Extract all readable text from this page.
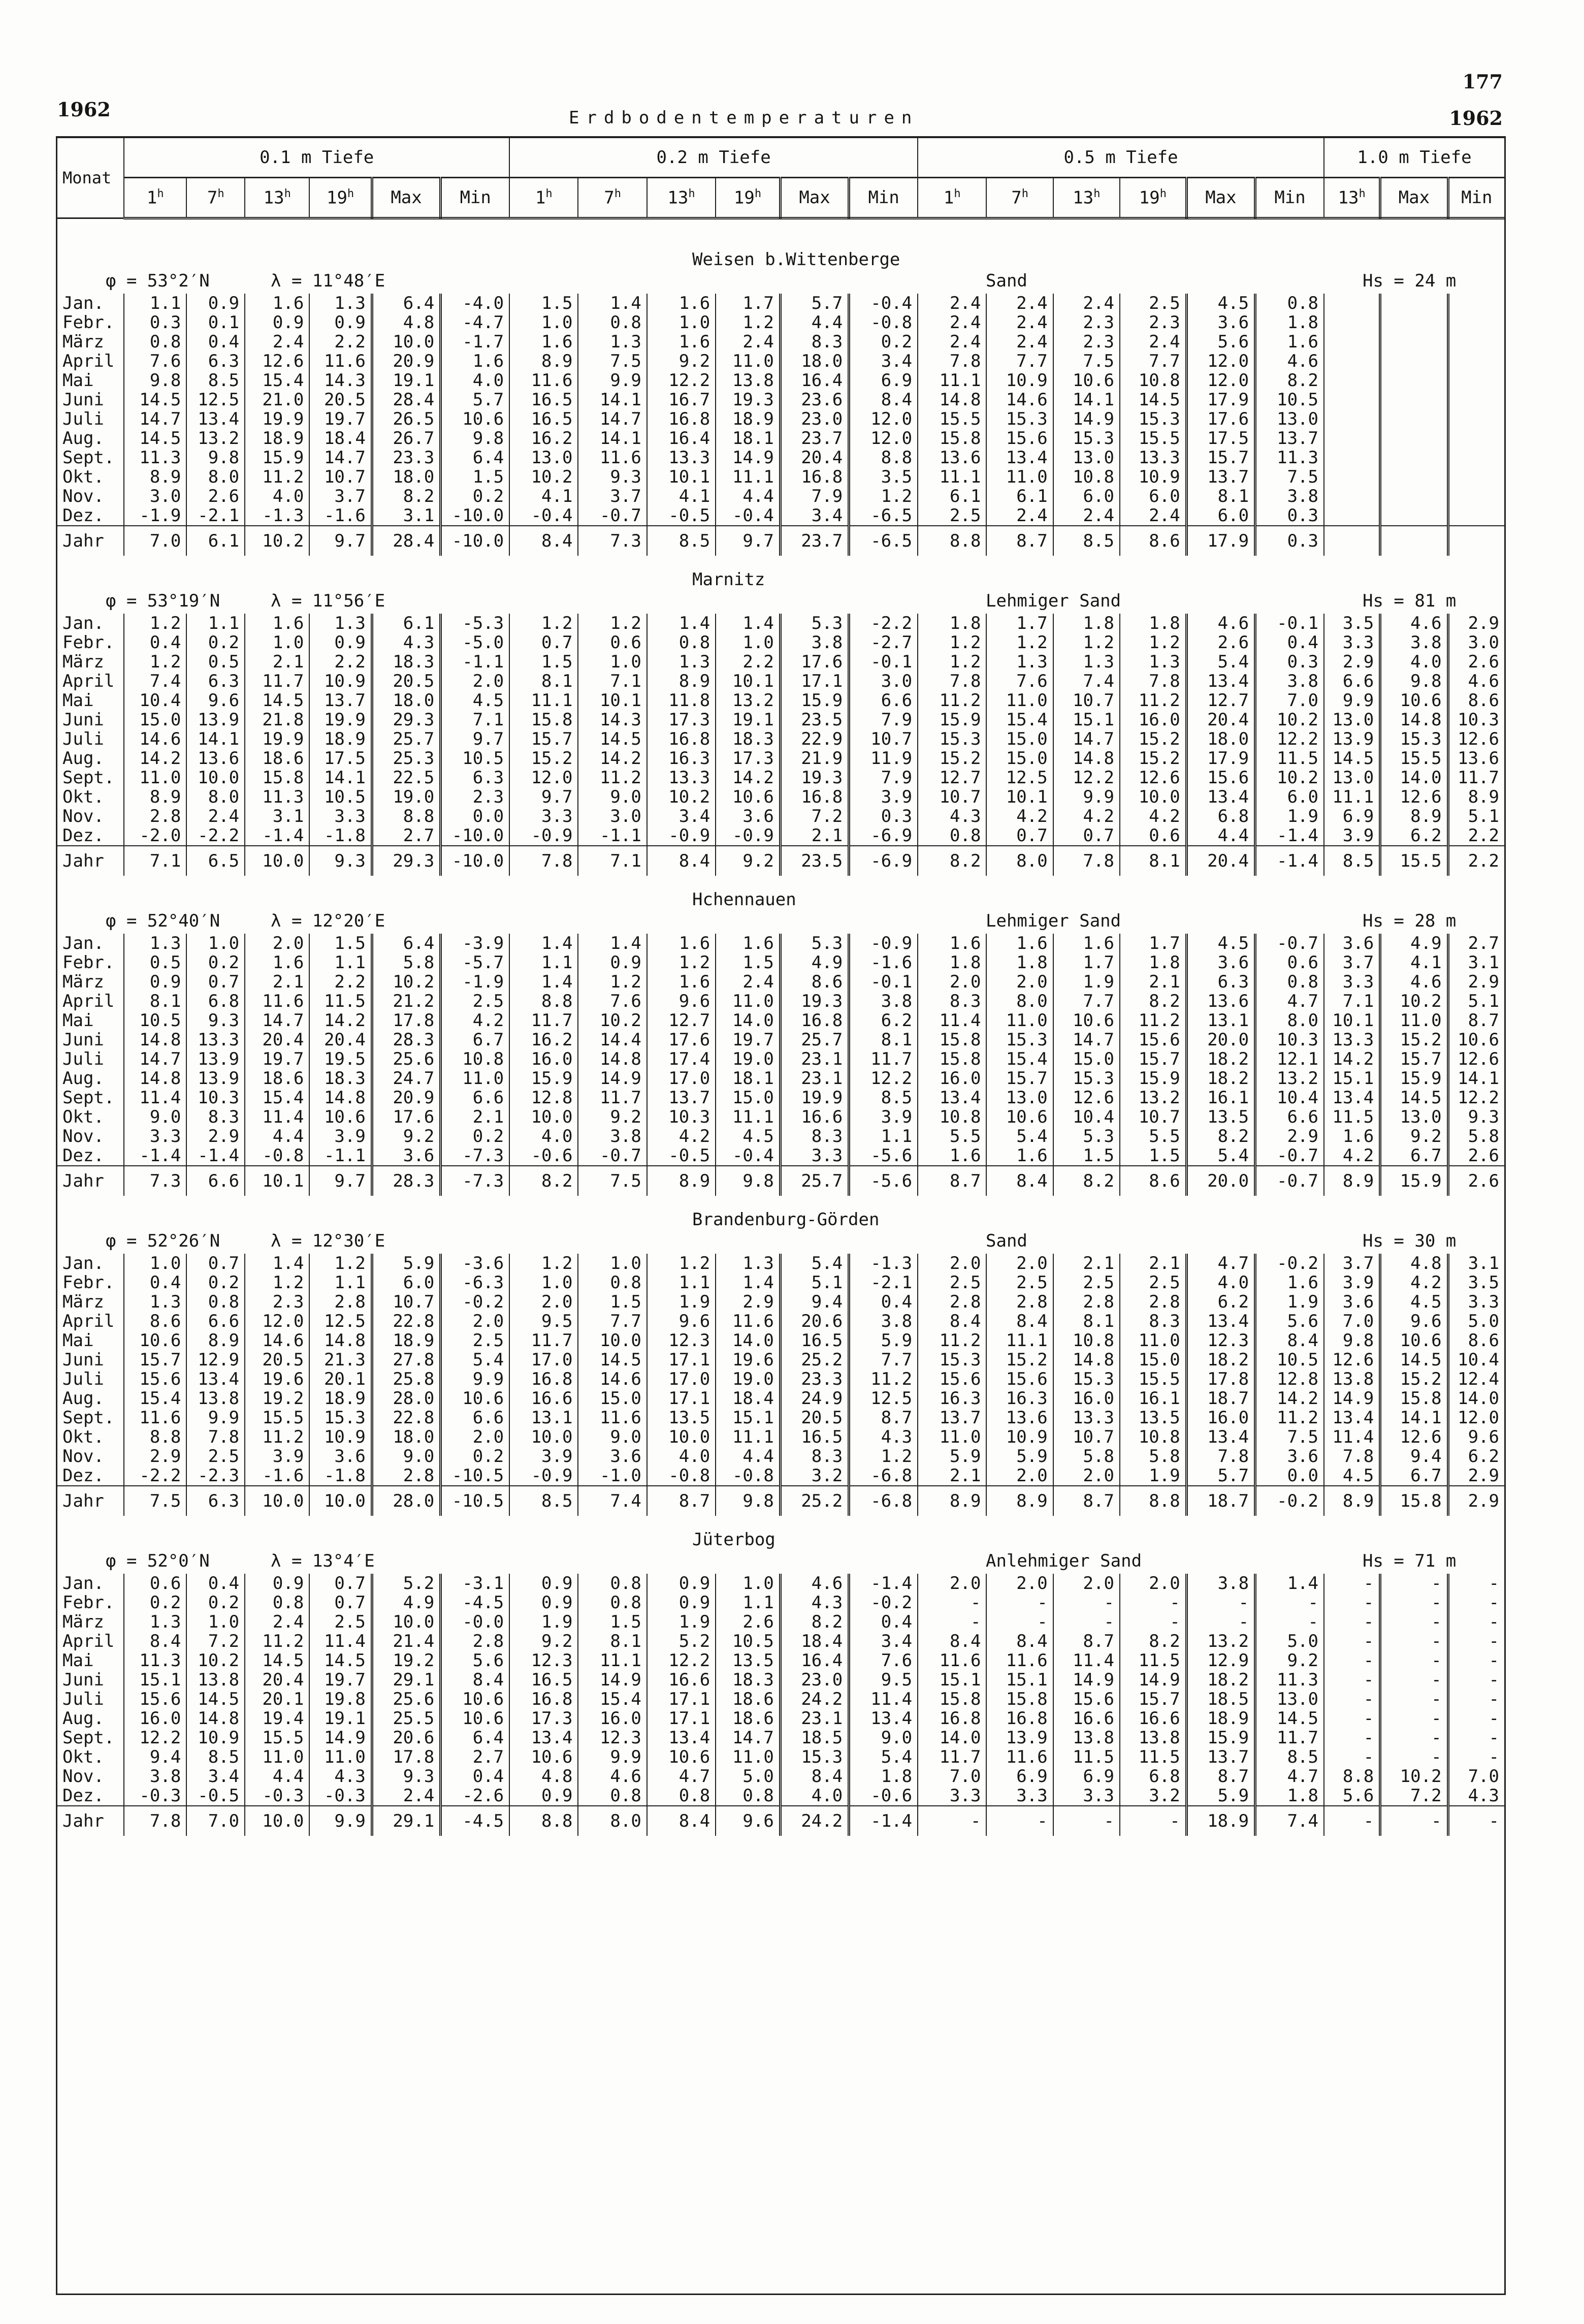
177
1962	1962
Erdbodentemperaturen
Monat	0.1 m Tiefe						0.2 m Tiefe						0.5 m Tiefe						1.0 m Tiefe		
	1$^h$	7$^h$	13$^h$	19$^h$	Max	Min	1$^h$	7$^h$	13$^h$	19$^h$	Max	Min	1$^h$	7$^h$	13$^h$	19$^h$	Max	Min	13$^h$	Max	Min

φ = 53°2′N λ = 11°48′E
Weisen b.Wittenberge
Sand Hs = 24 m																					

Jan.	1.1	0.9	1.6	1.3	6.4	-4.0	1.5	1.4	1.6	1.7	5.7	-0.4	2.4	2.4	2.4	2.5	4.5	0.8			
Febr.	0.3	0.1	0.9	0.9	4.8	-4.7	1.0	0.8	1.0	1.2	4.4	-0.8	2.4	2.4	2.3	2.3	3.6	1.8			
März	0.8	0.4	2.4	2.2	10.0	-1.7	1.6	1.3	1.6	2.4	8.3	0.2	2.4	2.4	2.3	2.4	5.6	1.6			
April	7.6	6.3	12.6	11.6	20.9	1.6	8.9	7.5	9.2	11.0	18.0	3.4	7.8	7.7	7.5	7.7	12.0	4.6			
Mai	9.8	8.5	15.4	14.3	19.1	4.0	11.6	9.9	12.2	13.8	16.4	6.9	11.1	10.9	10.6	10.8	12.0	8.2			
Juni	14.5	12.5	21.0	20.5	28.4	5.7	16.5	14.1	16.7	19.3	23.6	8.4	14.8	14.6	14.1	14.5	17.9	10.5			
Juli	14.7	13.4	19.9	19.7	26.5	10.6	16.5	14.7	16.8	18.9	23.0	12.0	15.5	15.3	14.9	15.3	17.6	13.0			
Aug.	14.5	13.2	18.9	18.4	26.7	9.8	16.2	14.1	16.4	18.1	23.7	12.0	15.8	15.6	15.3	15.5	17.5	13.7			
Sept.	11.3	9.8	15.9	14.7	23.3	6.4	13.0	11.6	13.3	14.9	20.4	8.8	13.6	13.4	13.0	13.3	15.7	11.3			
Okt.	8.9	8.0	11.2	10.7	18.0	1.5	10.2	9.3	10.1	11.1	16.8	3.5	11.1	11.0	10.8	10.9	13.7	7.5			
Nov.	3.0	2.6	4.0	3.7	8.2	0.2	4.1	3.7	4.1	4.4	7.9	1.2	6.1	6.1	6.0	6.0	8.1	3.8			
Dez.	-1.9	-2.1	-1.3	-1.6	3.1	-10.0	-0.4	-0.7	-0.5	-0.4	3.4	-6.5	2.5	2.4	2.4	2.4	6.0	0.3			
Jahr	7.0	6.1	10.2	9.7	28.4	-10.0	8.4	7.3	8.5	9.7	23.7	-6.5	8.8	8.7	8.5	8.6	17.9	0.3			

φ = 53°19′N λ = 11°56′E
Marnitz
Lehmiger Sand Hs = 81 m																					

Jan.	1.2	1.1	1.6	1.3	6.1	-5.3	1.2	1.2	1.4	1.4	5.3	-2.2	1.8	1.7	1.8	1.8	4.6	-0.1	3.5	4.6	2.9
Febr.	0.4	0.2	1.0	0.9	4.3	-5.0	0.7	0.6	0.8	1.0	3.8	-2.7	1.2	1.2	1.2	1.2	2.6	0.4	3.3	3.8	3.0
März	1.2	0.5	2.1	2.2	18.3	-1.1	1.5	1.0	1.3	2.2	17.6	-0.1	1.2	1.3	1.3	1.3	5.4	0.3	2.9	4.0	2.6
April	7.4	6.3	11.7	10.9	20.5	2.0	8.1	7.1	8.9	10.1	17.1	3.0	7.8	7.6	7.4	7.8	13.4	3.8	6.6	9.8	4.6
Mai	10.4	9.6	14.5	13.7	18.0	4.5	11.1	10.1	11.8	13.2	15.9	6.6	11.2	11.0	10.7	11.2	12.7	7.0	9.9	10.6	8.6
Juni	15.0	13.9	21.8	19.9	29.3	7.1	15.8	14.3	17.3	19.1	23.5	7.9	15.9	15.4	15.1	16.0	20.4	10.2	13.0	14.8	10.3
Juli	14.6	14.1	19.9	18.9	25.7	9.7	15.7	14.5	16.8	18.3	22.9	10.7	15.3	15.0	14.7	15.2	18.0	12.2	13.9	15.3	12.6
Aug.	14.2	13.6	18.6	17.5	25.3	10.5	15.2	14.2	16.3	17.3	21.9	11.9	15.2	15.0	14.8	15.2	17.9	11.5	14.5	15.5	13.6
Sept.	11.0	10.0	15.8	14.1	22.5	6.3	12.0	11.2	13.3	14.2	19.3	7.9	12.7	12.5	12.2	12.6	15.6	10.2	13.0	14.0	11.7
Okt.	8.9	8.0	11.3	10.5	19.0	2.3	9.7	9.0	10.2	10.6	16.8	3.9	10.7	10.1	9.9	10.0	13.4	6.0	11.1	12.6	8.9
Nov.	2.8	2.4	3.1	3.3	8.8	0.0	3.3	3.0	3.4	3.6	7.2	0.3	4.3	4.2	4.2	4.2	6.8	1.9	6.9	8.9	5.1
Dez.	-2.0	-2.2	-1.4	-1.8	2.7	-10.0	-0.9	-1.1	-0.9	-0.9	2.1	-6.9	0.8	0.7	0.7	0.6	4.4	-1.4	3.9	6.2	2.2
Jahr	7.1	6.5	10.0	9.3	29.3	-10.0	7.8	7.1	8.4	9.2	23.5	-6.9	8.2	8.0	7.8	8.1	20.4	-1.4	8.5	15.5	2.2

φ = 52°40′N λ = 12°20′E
Hchennauen
Lehmiger Sand Hs = 28 m																					

Jan.	1.3	1.0	2.0	1.5	6.4	-3.9	1.4	1.4	1.6	1.6	5.3	-0.9	1.6	1.6	1.6	1.7	4.5	-0.7	3.6	4.9	2.7
Febr.	0.5	0.2	1.6	1.1	5.8	-5.7	1.1	0.9	1.2	1.5	4.9	-1.6	1.8	1.8	1.7	1.8	3.6	0.6	3.7	4.1	3.1
März	0.9	0.7	2.1	2.2	10.2	-1.9	1.4	1.2	1.6	2.4	8.6	-0.1	2.0	2.0	1.9	2.1	6.3	0.8	3.3	4.6	2.9
April	8.1	6.8	11.6	11.5	21.2	2.5	8.8	7.6	9.6	11.0	19.3	3.8	8.3	8.0	7.7	8.2	13.6	4.7	7.1	10.2	5.1
Mai	10.5	9.3	14.7	14.2	17.8	4.2	11.7	10.2	12.7	14.0	16.8	6.2	11.4	11.0	10.6	11.2	13.1	8.0	10.1	11.0	8.7
Juni	14.8	13.3	20.4	20.4	28.3	6.7	16.2	14.4	17.6	19.7	25.7	8.1	15.8	15.3	14.7	15.6	20.0	10.3	13.3	15.2	10.6
Juli	14.7	13.9	19.7	19.5	25.6	10.8	16.0	14.8	17.4	19.0	23.1	11.7	15.8	15.4	15.0	15.7	18.2	12.1	14.2	15.7	12.6
Aug.	14.8	13.9	18.6	18.3	24.7	11.0	15.9	14.9	17.0	18.1	23.1	12.2	16.0	15.7	15.3	15.9	18.2	13.2	15.1	15.9	14.1
Sept.	11.4	10.3	15.4	14.8	20.9	6.6	12.8	11.7	13.7	15.0	19.9	8.5	13.4	13.0	12.6	13.2	16.1	10.4	13.4	14.5	12.2
Okt.	9.0	8.3	11.4	10.6	17.6	2.1	10.0	9.2	10.3	11.1	16.6	3.9	10.8	10.6	10.4	10.7	13.5	6.6	11.5	13.0	9.3
Nov.	3.3	2.9	4.4	3.9	9.2	0.2	4.0	3.8	4.2	4.5	8.3	1.1	5.5	5.4	5.3	5.5	8.2	2.9	1.6	9.2	5.8
Dez.	-1.4	-1.4	-0.8	-1.1	3.6	-7.3	-0.6	-0.7	-0.5	-0.4	3.3	-5.6	1.6	1.6	1.5	1.5	5.4	-0.7	4.2	6.7	2.6
Jahr	7.3	6.6	10.1	9.7	28.3	-7.3	8.2	7.5	8.9	9.8	25.7	-5.6	8.7	8.4	8.2	8.6	20.0	-0.7	8.9	15.9	2.6

φ = 52°26′N λ = 12°30′E
Brandenburg-Görden
Sand Hs = 30 m																					

Jan.	1.0	0.7	1.4	1.2	5.9	-3.6	1.2	1.0	1.2	1.3	5.4	-1.3	2.0	2.0	2.1	2.1	4.7	-0.2	3.7	4.8	3.1
Febr.	0.4	0.2	1.2	1.1	6.0	-6.3	1.0	0.8	1.1	1.4	5.1	-2.1	2.5	2.5	2.5	2.5	4.0	1.6	3.9	4.2	3.5
März	1.3	0.8	2.3	2.8	10.7	-0.2	2.0	1.5	1.9	2.9	9.4	0.4	2.8	2.8	2.8	2.8	6.2	1.9	3.6	4.5	3.3
April	8.6	6.6	12.0	12.5	22.8	2.0	9.5	7.7	9.6	11.6	20.6	3.8	8.4	8.4	8.1	8.3	13.4	5.6	7.0	9.6	5.0
Mai	10.6	8.9	14.6	14.8	18.9	2.5	11.7	10.0	12.3	14.0	16.5	5.9	11.2	11.1	10.8	11.0	12.3	8.4	9.8	10.6	8.6
Juni	15.7	12.9	20.5	21.3	27.8	5.4	17.0	14.5	17.1	19.6	25.2	7.7	15.3	15.2	14.8	15.0	18.2	10.5	12.6	14.5	10.4
Juli	15.6	13.4	19.6	20.1	25.8	9.9	16.8	14.6	17.0	19.0	23.3	11.2	15.6	15.6	15.3	15.5	17.8	12.8	13.8	15.2	12.4
Aug.	15.4	13.8	19.2	18.9	28.0	10.6	16.6	15.0	17.1	18.4	24.9	12.5	16.3	16.3	16.0	16.1	18.7	14.2	14.9	15.8	14.0
Sept.	11.6	9.9	15.5	15.3	22.8	6.6	13.1	11.6	13.5	15.1	20.5	8.7	13.7	13.6	13.3	13.5	16.0	11.2	13.4	14.1	12.0
Okt.	8.8	7.8	11.2	10.9	18.0	2.0	10.0	9.0	10.0	11.1	16.5	4.3	11.0	10.9	10.7	10.8	13.4	7.5	11.4	12.6	9.6
Nov.	2.9	2.5	3.9	3.6	9.0	0.2	3.9	3.6	4.0	4.4	8.3	1.2	5.9	5.9	5.8	5.8	7.8	3.6	7.8	9.4	6.2
Dez.	-2.2	-2.3	-1.6	-1.8	2.8	-10.5	-0.9	-1.0	-0.8	-0.8	3.2	-6.8	2.1	2.0	2.0	1.9	5.7	0.0	4.5	6.7	2.9
Jahr	7.5	6.3	10.0	10.0	28.0	-10.5	8.5	7.4	8.7	9.8	25.2	-6.8	8.9	8.9	8.7	8.8	18.7	-0.2	8.9	15.8	2.9

φ = 52°0′N λ = 13°4′E
Jüterbog
Anlehmiger Sand Hs = 71 m																					

Jan.	0.6	0.4	0.9	0.7	5.2	-3.1	0.9	0.8	0.9	1.0	4.6	-1.4	2.0	2.0	2.0	2.0	3.8	1.4	-	-	-
Febr.	0.2	0.2	0.8	0.7	4.9	-4.5	0.9	0.8	0.9	1.1	4.3	-0.2	-	-	-	-	-	-	-	-	-
März	1.3	1.0	2.4	2.5	10.0	-0.0	1.9	1.5	1.9	2.6	8.2	0.4	-	-	-	-	-	-	-	-	-
April	8.4	7.2	11.2	11.4	21.4	2.8	9.2	8.1	5.2	10.5	18.4	3.4	8.4	8.4	8.7	8.2	13.2	5.0	-	-	-
Mai	11.3	10.2	14.5	14.5	19.2	5.6	12.3	11.1	12.2	13.5	16.4	7.6	11.6	11.6	11.4	11.5	12.9	9.2	-	-	-
Juni	15.1	13.8	20.4	19.7	29.1	8.4	16.5	14.9	16.6	18.3	23.0	9.5	15.1	15.1	14.9	14.9	18.2	11.3	-	-	-
Juli	15.6	14.5	20.1	19.8	25.6	10.6	16.8	15.4	17.1	18.6	24.2	11.4	15.8	15.8	15.6	15.7	18.5	13.0	-	-	-
Aug.	16.0	14.8	19.4	19.1	25.5	10.6	17.3	16.0	17.1	18.6	23.1	13.4	16.8	16.8	16.6	16.6	18.9	14.5	-	-	-
Sept.	12.2	10.9	15.5	14.9	20.6	6.4	13.4	12.3	13.4	14.7	18.5	9.0	14.0	13.9	13.8	13.8	15.9	11.7	-	-	-
Okt.	9.4	8.5	11.0	11.0	17.8	2.7	10.6	9.9	10.6	11.0	15.3	5.4	11.7	11.6	11.5	11.5	13.7	8.5	-	-	-
Nov.	3.8	3.4	4.4	4.3	9.3	0.4	4.8	4.6	4.7	5.0	8.4	1.8	7.0	6.9	6.9	6.8	8.7	4.7	8.8	10.2	7.0
Dez.	-0.3	-0.5	-0.3	-0.3	2.4	-2.6	0.9	0.8	0.8	0.8	4.0	-0.6	3.3	3.3	3.3	3.2	5.9	1.8	5.6	7.2	4.3
Jahr	7.8	7.0	10.0	9.9	29.1	-4.5	8.8	8.0	8.4	9.6	24.2	-1.4	-	-	-	-	18.9	7.4	-	-	-
